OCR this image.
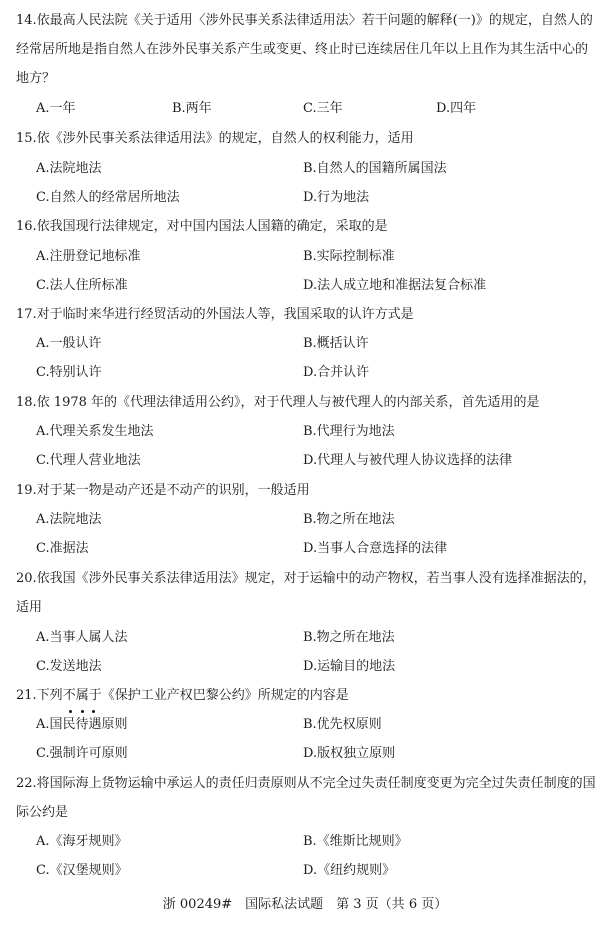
14.依最高人民法院《关于适用〈涉外民事关系法律适用法〉若干问题的解释(一)》的规定，自然人的经常居所地是指自然人在涉外民事关系产生或变更、终止时已连续居住几年以上且作为其生活中心的地方？
A.一年	B.两年	C.三年	D.四年
15.依《涉外民事关系法律适用法》的规定，自然人的权利能力，适用
A.法院地法	B.自然人的国籍所属国法
C.自然人的经常居所地法	D.行为地法
16.依我国现行法律规定，对中国内国法人国籍的确定，采取的是
A.注册登记地标准	B.实际控制标准
C.法人住所标准	D.法人成立地和准据法复合标准
17.对于临时来华进行经贸活动的外国法人等，我国采取的认许方式是
A.一般认许	B.概括认许
C.特别认许	D.合并认许
18.依 1978 年的《代理法律适用公约》，对于代理人与被代理人的内部关系，首先适用的是
A.代理关系发生地法	B.代理行为地法
C.代理人营业地法	D.代理人与被代理人协议选择的法律
19.对于某一物是动产还是不动产的识别，一般适用
A.法院地法	B.物之所在地法
C.准据法	D.当事人合意选择的法律
20.依我国《涉外民事关系法律适用法》规定，对于运输中的动产物权，若当事人没有选择准据法的，适用
A.当事人属人法	B.物之所在地法
C.发送地法	D.运输目的地法
21.下列不属于
《保护工业产权巴黎公约》所规定的内容是
A.国民待遇原则	B.优先权原则
C.强制许可原则	D.版权独立原则
22.将国际海上货物运输中承运人的责任归责原则从不完全过失责任制度变更为完全过失责任制度的国际公约是
A.《海牙规则》	B.《维斯比规则》
C.《汉堡规则》	D.《纽约规则》
浙 00249#　国际私法试题　第 3 页（共 6 页）
